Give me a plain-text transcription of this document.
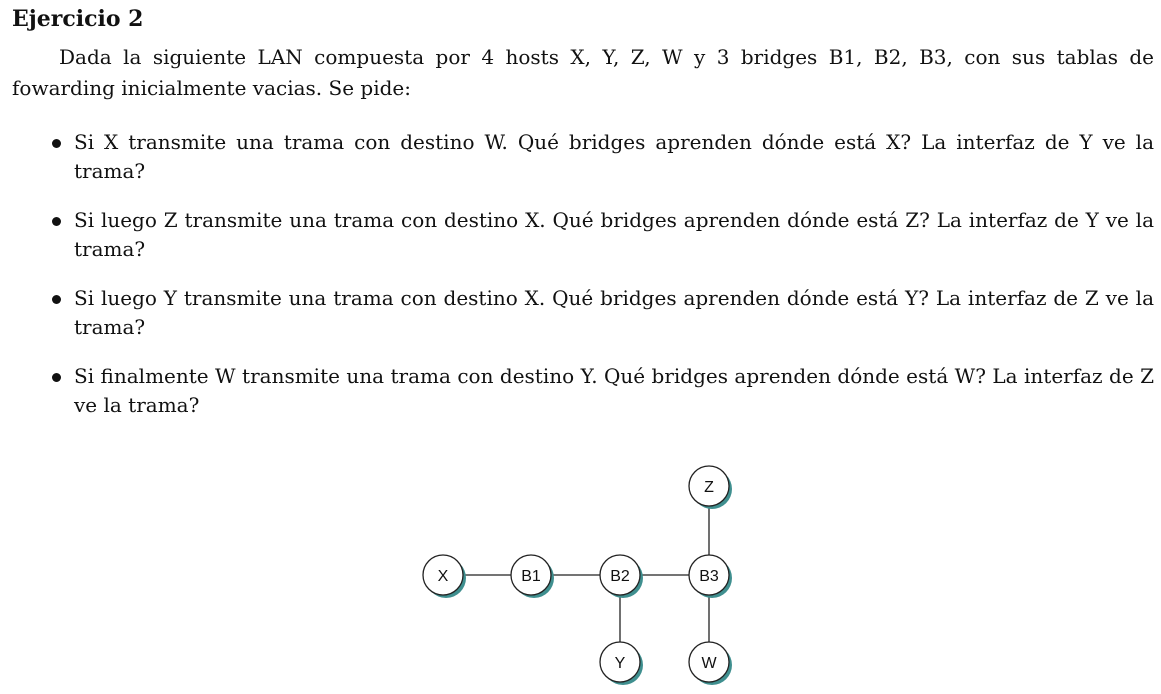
Ejercicio 2

Dada la siguiente LAN compuesta por 4 hosts X, Y, Z, W y 3 bridges B1, B2, B3, con sus tablas de fowarding inicialmente vacias. Se pide:

Si X transmite una trama con destino W. Qué bridges aprenden dónde está X? La interfaz de Y ve la trama?
Si luego Z transmite una trama con destino X. Qué bridges aprenden dónde está Z? La interfaz de Y ve la trama?
Si luego Y transmite una trama con destino X. Qué bridges aprenden dónde está Y? La interfaz de Z ve la trama?
Si finalmente W transmite una trama con destino Y. Qué bridges aprenden dónde está W? La interfaz de Z ve la trama?
X	B1	B2	B3
Z
Y	W
